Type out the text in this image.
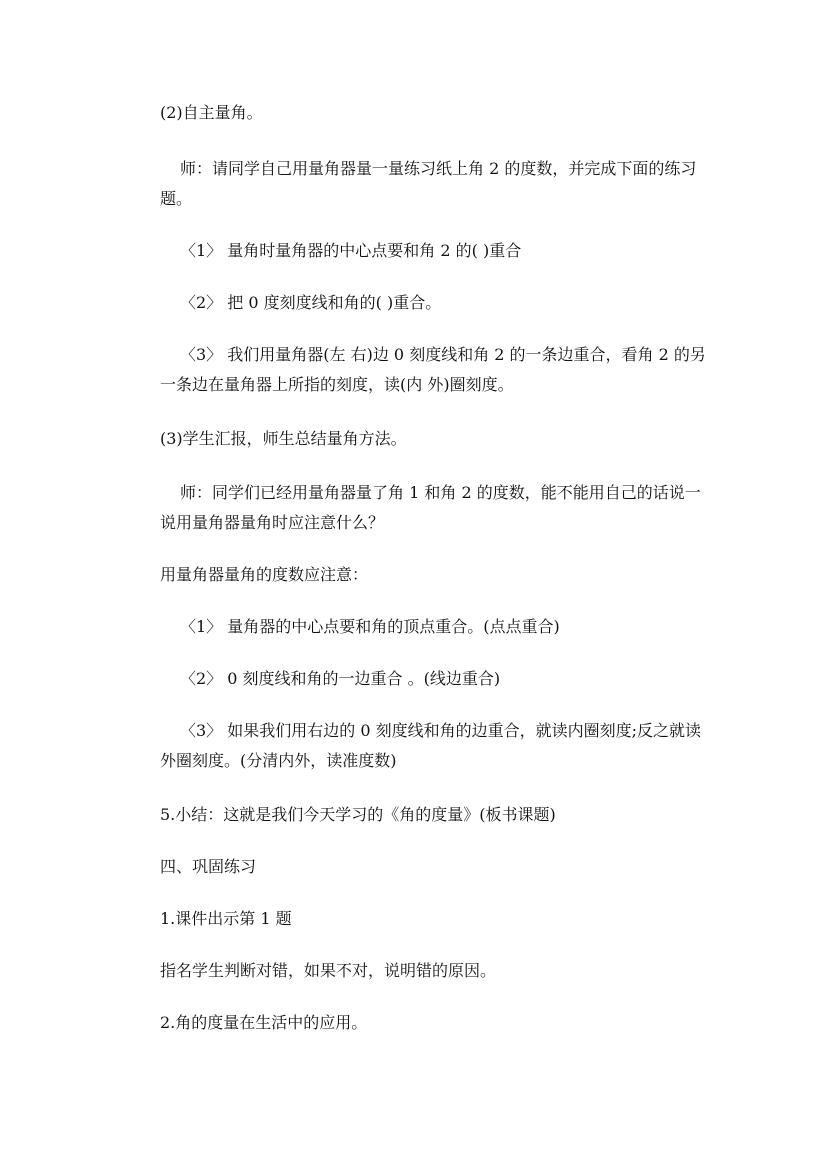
(2)自主量角。

师：请同学自己用量角器量一量练习纸上角 2 的度数，并完成下面的练习

题。

〈1〉 量角时量角器的中心点要和角 2 的( )重合

〈2〉 把 0 度刻度线和角的( )重合。

〈3〉 我们用量角器(左 右)边 0 刻度线和角 2 的一条边重合，看角 2 的另

一条边在量角器上所指的刻度，读(内 外)圈刻度。

(3)学生汇报，师生总结量角方法。

师：同学们已经用量角器量了角 1 和角 2 的度数，能不能用自己的话说一

说用量角器量角时应注意什么？

用量角器量角的度数应注意：

〈1〉 量角器的中心点要和角的顶点重合。(点点重合)

〈2〉 0 刻度线和角的一边重合 。(线边重合)

〈3〉 如果我们用右边的 0 刻度线和角的边重合，就读内圈刻度;反之就读

外圈刻度。(分清内外，读准度数)

5.小结：这就是我们今天学习的《角的度量》(板书课题)

四、巩固练习

1.课件出示第 1 题

指名学生判断对错，如果不对，说明错的原因。

2.角的度量在生活中的应用。
